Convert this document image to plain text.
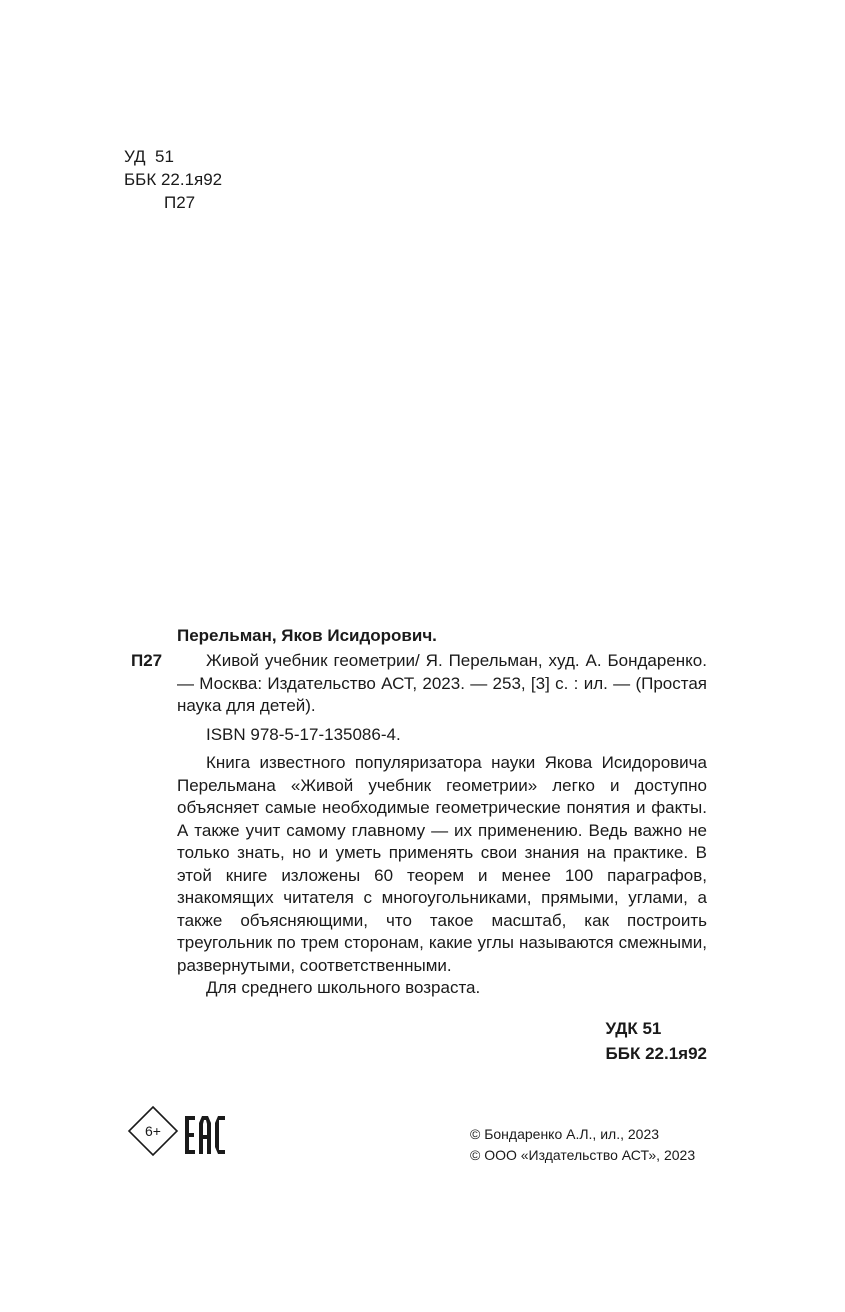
УД  51
ББК 22.1я92
П27
Перельман, Яков Исидорович.
П27	Живой учебник геометрии/ Я. Перельман, худ. А. Бондаренко. — Москва: Издательство АСТ, 2023. — 253, [3] с. : ил. — (Простая наука для детей).

ISBN 978-5-17-135086-4.

Книга известного популяризатора науки Якова Исидоровича Перельмана «Живой учебник геометрии» легко и доступно объясняет самые необходимые геометрические понятия и факты. А также учит самому главному — их применению. Ведь важно не только знать, но и уметь применять свои знания на практике. В этой книге изложены 60 теорем и менее 100 параграфов, знакомящих читателя с многоугольниками, прямыми, углами, а также объясняющими, что такое масштаб, как построить треугольник по трем сторонам, какие углы называются смежными, развернутыми, соответственными.

Для среднего школьного возраста.

УДК 51
ББК 22.1я92
6+	© Бондаренко А.Л., ил., 2023
© ООО «Издательство АСТ», 2023
